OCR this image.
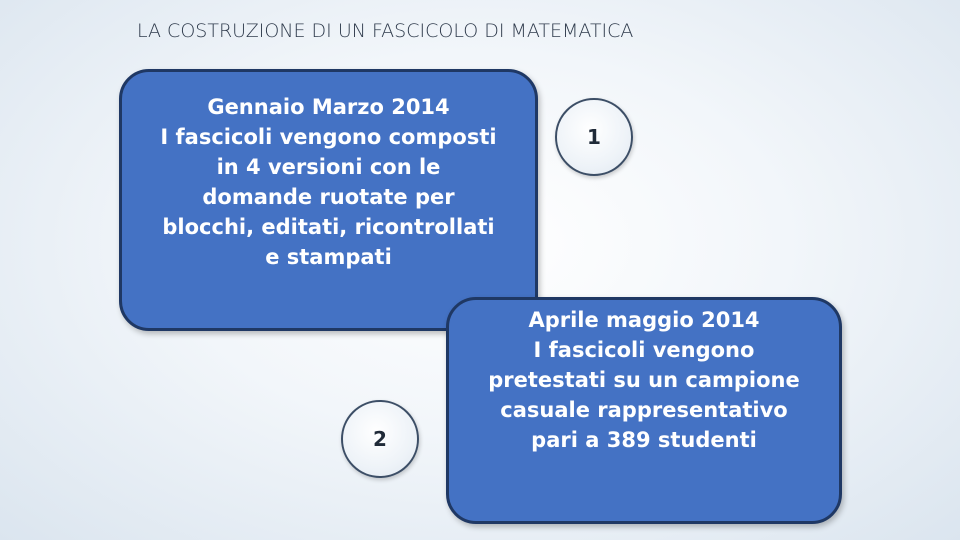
LA COSTRUZIONE DI UN FASCICOLO DI MATEMATICA
Gennaio Marzo 2014
I fascicoli vengono composti
in 4 versioni con le
domande ruotate per
blocchi, editati, ricontrollati
e stampati
1
Aprile maggio 2014
I fascicoli vengono
pretestati su un campione
casuale rappresentativo
pari a 389 studenti
2
